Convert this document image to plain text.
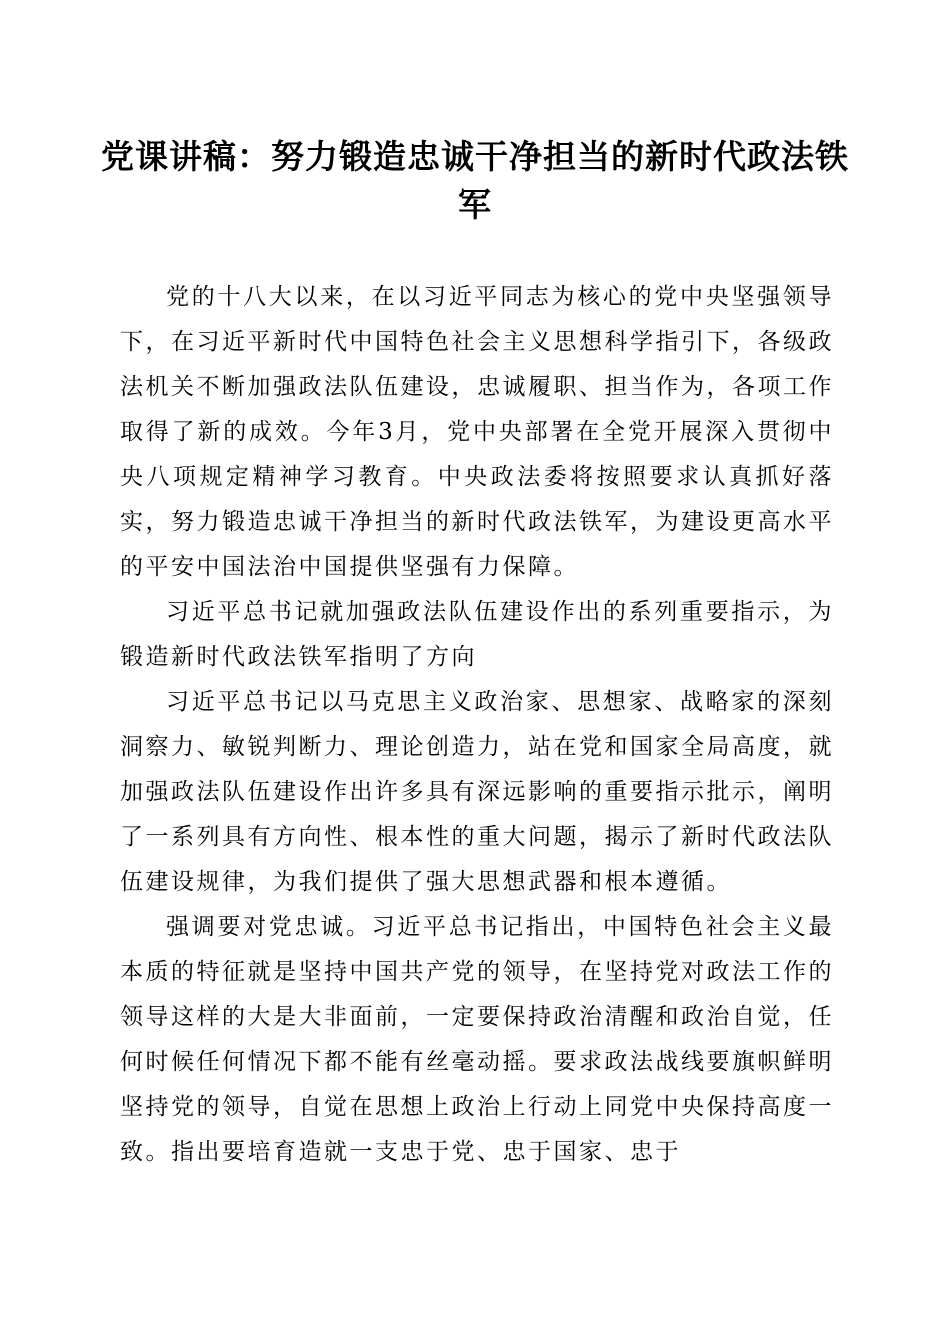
党课讲稿：努力锻造忠诚干净担当的新时代政法铁军

党的十八大以来，在以习近平同志为核心的党中央坚强领导下，在习近平新时代中国特色社会主义思想科学指引下，各级政法机关不断加强政法队伍建设，忠诚履职、担当作为，各项工作取得了新的成效。今年3月，党中央部署在全党开展深入贯彻中央八项规定精神学习教育。中央政法委将按照要求认真抓好落实，努力锻造忠诚干净担当的新时代政法铁军，为建设更高水平的平安中国法治中国提供坚强有力保障。

习近平总书记就加强政法队伍建设作出的系列重要指示，为锻造新时代政法铁军指明了方向

习近平总书记以马克思主义政治家、思想家、战略家的深刻洞察力、敏锐判断力、理论创造力，站在党和国家全局高度，就加强政法队伍建设作出许多具有深远影响的重要指示批示，阐明了一系列具有方向性、根本性的重大问题，揭示了新时代政法队伍建设规律，为我们提供了强大思想武器和根本遵循。

强调要对党忠诚。习近平总书记指出，中国特色社会主义最本质的特征就是坚持中国共产党的领导，在坚持党对政法工作的领导这样的大是大非面前，一定要保持政治清醒和政治自觉，任何时候任何情况下都不能有丝毫动摇。要求政法战线要旗帜鲜明坚持党的领导，自觉在思想上政治上行动上同党中央保持高度一致。指出要培育造就一支忠于党、忠于国家、忠于
